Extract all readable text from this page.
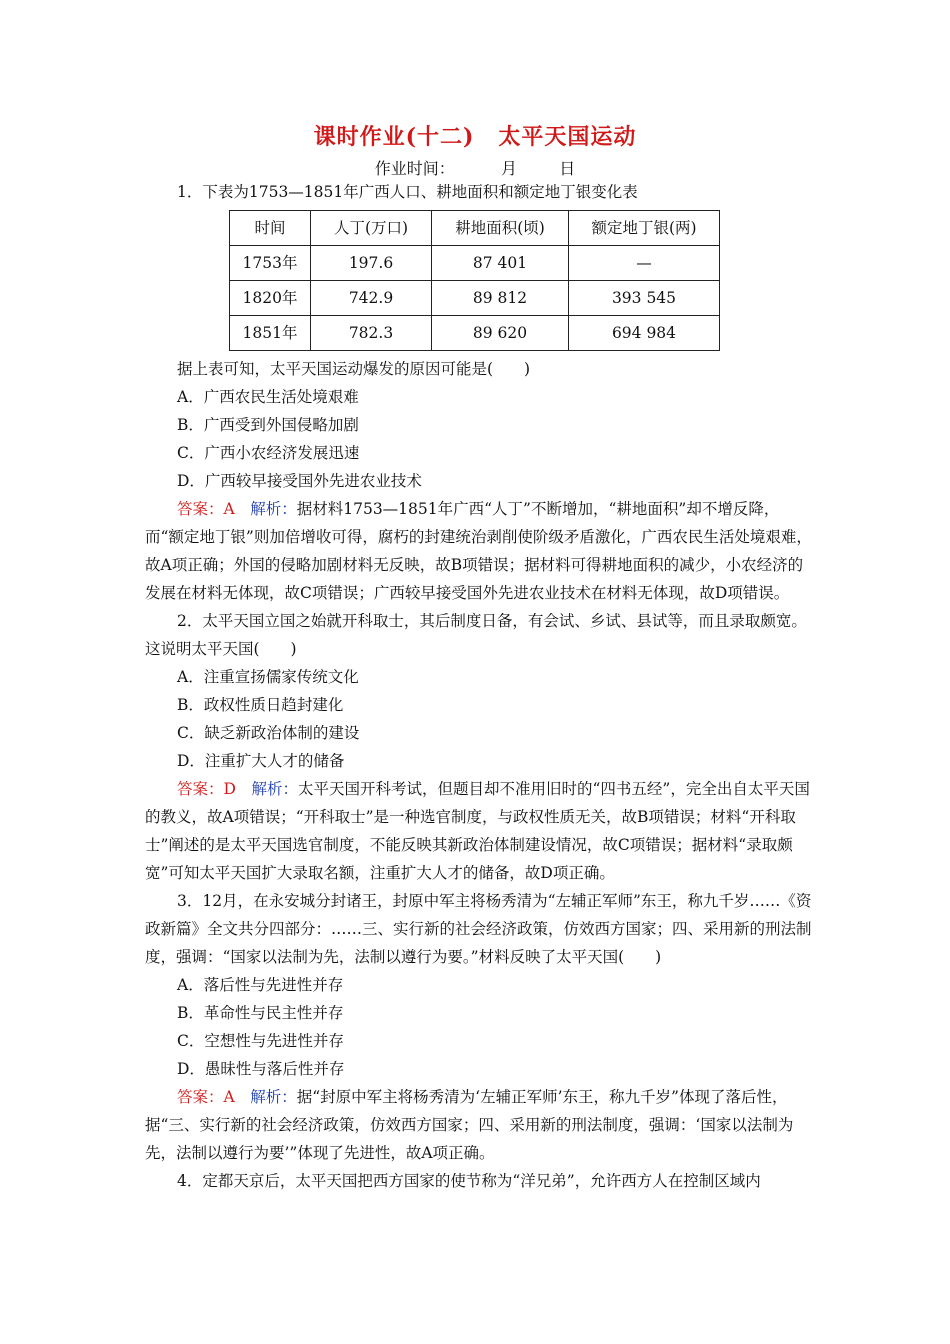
课时作业(十二) 太平天国运动
作业时间：	月	日

1．下表为1753—1851年广西人口、耕地面积和额定地丁银变化表

时间	人丁(万口)	耕地面积(顷)	额定地丁银(两)
1753年	197.6	87 401	—
1820年	742.9	89 812	393 545
1851年	782.3	89 620	694 984

据上表可知，太平天国运动爆发的原因可能是(　　)

A．广西农民生活处境艰难

B．广西受到外国侵略加剧

C．广西小农经济发展迅速

D．广西较早接受国外先进农业技术

答案：A　 解析：据材料1753—1851年广西“人丁”不断增加，“耕地面积”却不增反降，而“额定地丁银”则加倍增收可得，腐朽的封建统治剥削使阶级矛盾激化，广西农民生活处境艰难，故A项正确；外国的侵略加剧材料无反映，故B项错误；据材料可得耕地面积的减少，小农经济的发展在材料无体现，故C项错误；广西较早接受国外先进农业技术在材料无体现，故D项错误。

2．太平天国立国之始就开科取士，其后制度日备，有会试、乡试、县试等，而且录取颇宽。这说明太平天国(　　)

A．注重宣扬儒家传统文化

B．政权性质日趋封建化

C．缺乏新政治体制的建设

D．注重扩大人才的储备

答案：D　 解析：太平天国开科考试，但题目却不准用旧时的“四书五经”，完全出自太平天国的教义，故A项错误；“开科取士”是一种选官制度，与政权性质无关，故B项错误；材料“开科取士”阐述的是太平天国选官制度，不能反映其新政治体制建设情况，故C项错误；据材料“录取颇宽”可知太平天国扩大录取名额，注重扩大人才的储备，故D项正确。

3．12月，在永安城分封诸王，封原中军主将杨秀清为“左辅正军师”东王，称九千岁……《资政新篇》全文共分四部分：……三、实行新的社会经济政策，仿效西方国家；四、采用新的刑法制度，强调：“国家以法制为先，法制以遵行为要。”材料反映了太平天国(　　)

A．落后性与先进性并存

B．革命性与民主性并存

C．空想性与先进性并存

D．愚昧性与落后性并存

答案：A　 解析：据“封原中军主将杨秀清为‘左辅正军师’东王，称九千岁”体现了落后性，据“三、实行新的社会经济政策，仿效西方国家；四、采用新的刑法制度，强调：‘国家以法制为先，法制以遵行为要’”体现了先进性，故A项正确。

4．定都天京后，太平天国把西方国家的使节称为“洋兄弟”，允许西方人在控制区域内
